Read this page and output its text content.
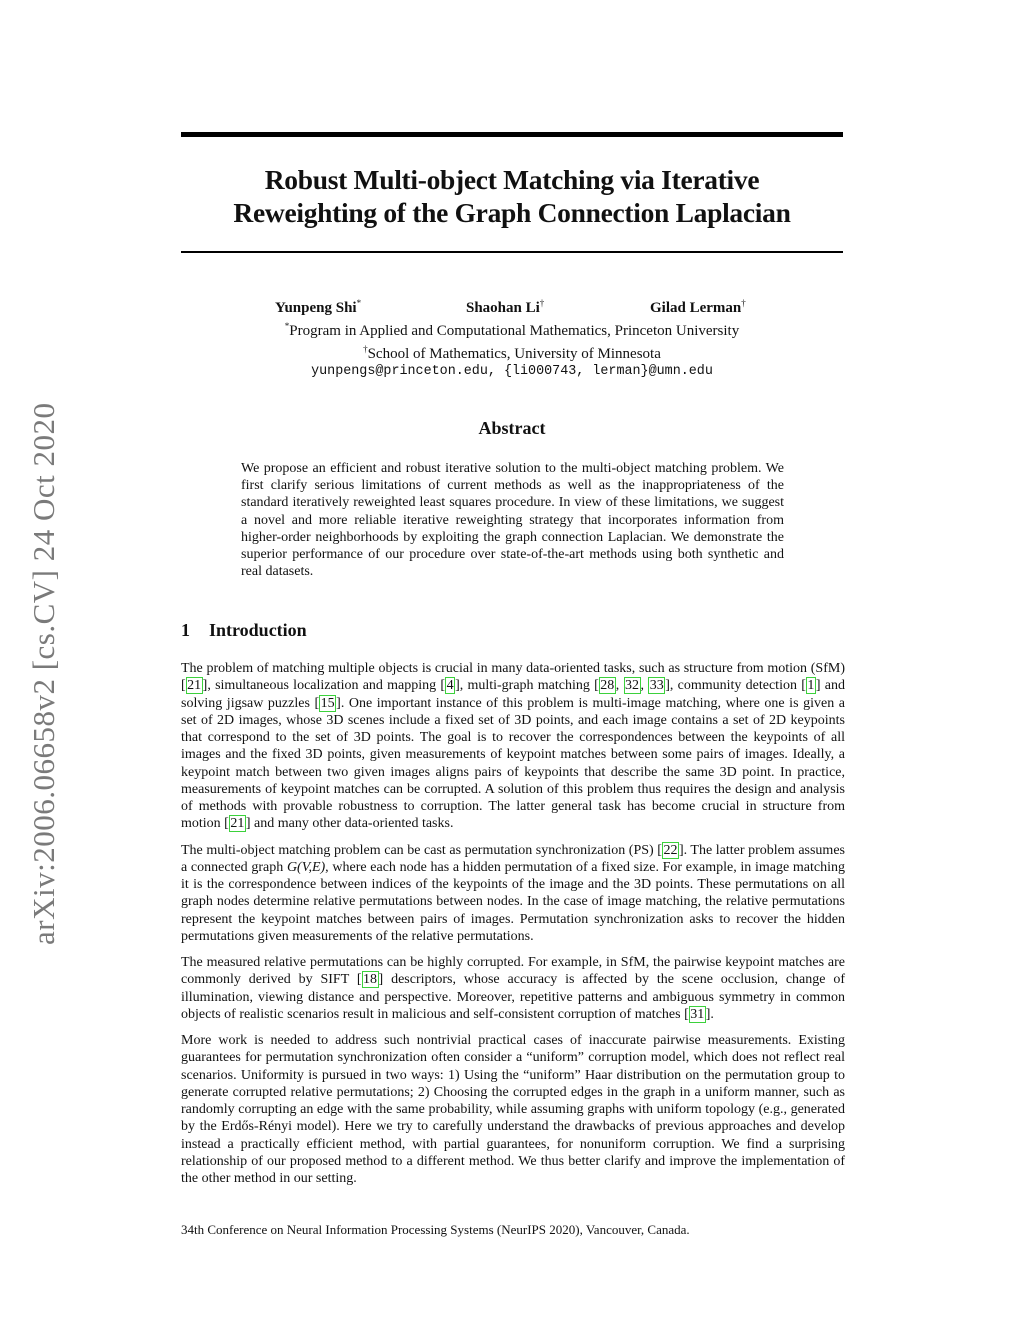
arXiv:2006.06658v2 [cs.CV] 24 Oct 2020
Robust Multi-object Matching via Iterative
Reweighting of the Graph Connection Laplacian
Yunpeng Shi*	Shaohan Li†	Gilad Lerman†
*Program in Applied and Computational Mathematics, Princeton University
†School of Mathematics, University of Minnesota
yunpengs@princeton.edu, {li000743, lerman}@umn.edu
Abstract
We propose an efficient and robust iterative solution to the multi-object matching problem. We first clarify serious limitations of current methods as well as the inappropriateness of the standard iteratively reweighted least squares procedure. In view of these limitations, we suggest a novel and more reliable iterative reweighting strategy that incorporates information from higher-order neighborhoods by exploiting the graph connection Laplacian. We demonstrate the superior performance of our procedure over state-of-the-art methods using both synthetic and real datasets.
1 Introduction

The problem of matching multiple objects is crucial in many data-oriented tasks, such as structure from motion (SfM) [ 21 ], simultaneous localization and mapping [ 4 ], multi-graph matching [ 28 , 32 , 33 ], community detection [ 1 ] and solving jigsaw puzzles [ 15 ]. One important instance of this problem is multi-image matching, where one is given a set of 2D images, whose 3D scenes include a fixed set of 3D points, and each image contains a set of 2D keypoints that correspond to the set of 3D points. The goal is to recover the correspondences between the keypoints of all images and the fixed 3D points, given measurements of keypoint matches between some pairs of images. Ideally, a keypoint match between two given images aligns pairs of keypoints that describe the same 3D point. In practice, measurements of keypoint matches can be corrupted. A solution of this problem thus requires the design and analysis of methods with provable robustness to corruption. The latter general task has become crucial in structure from motion [ 21 ] and many other data-oriented tasks.

The multi-object matching problem can be cast as permutation synchronization (PS) [ 22 ]. The latter problem assumes a connected graph G(V,E), where each node has a hidden permutation of a fixed size. For example, in image matching it is the correspondence between indices of the keypoints of the image and the 3D points. These permutations on all graph nodes determine relative permutations between nodes. In the case of image matching, the relative permutations represent the keypoint matches between pairs of images. Permutation synchronization asks to recover the hidden permutations given measurements of the relative permutations.

The measured relative permutations can be highly corrupted. For example, in SfM, the pairwise keypoint matches are commonly derived by SIFT [ 18 ] descriptors, whose accuracy is affected by the scene occlusion, change of illumination, viewing distance and perspective. Moreover, repetitive patterns and ambiguous symmetry in common objects of realistic scenarios result in malicious and self-consistent corruption of matches [ 31 ].

More work is needed to address such nontrivial practical cases of inaccurate pairwise measurements. Existing guarantees for permutation synchronization often consider a “uniform” corruption model, which does not reflect real scenarios. Uniformity is pursued in two ways: 1) Using the “uniform” Haar distribution on the permutation group to generate corrupted relative permutations; 2) Choosing the corrupted edges in the graph in a uniform manner, such as randomly corrupting an edge with the same probability, while assuming graphs with uniform topology (e.g., generated by the Erdős-Rényi model). Here we try to carefully understand the drawbacks of previous approaches and develop instead a practically efficient method, with partial guarantees, for nonuniform corruption. We find a surprising relationship of our proposed method to a different method. We thus better clarify and improve the implementation of the other method in our setting.

34th Conference on Neural Information Processing Systems (NeurIPS 2020), Vancouver, Canada.
